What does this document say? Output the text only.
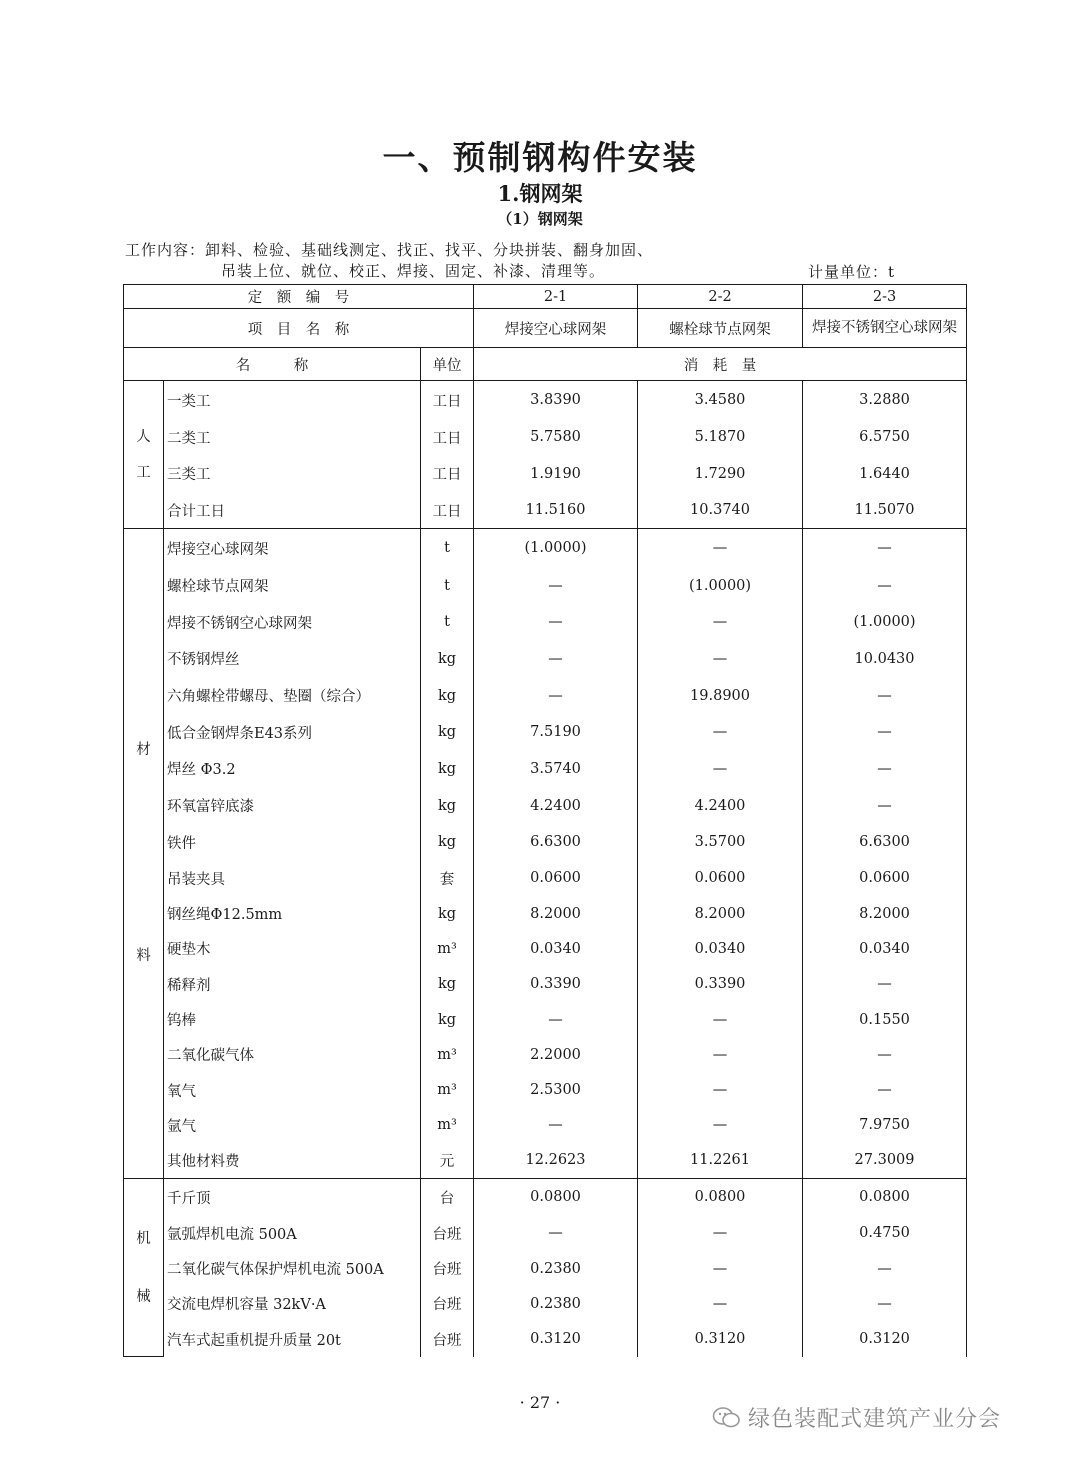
一、预制钢构件安装
1.钢网架
（1）钢网架
工作内容：卸料、检验、基础线测定、找正、找平、分块拼装、翻身加固、
吊装上位、就位、校正、焊接、固定、补漆、清理等。	计量单位：t
定　额　编　号			2-1	2-2	2-3
项　目　名　称			焊接空心球网架	螺栓球节点网架	焊接不锈钢空心球网架
名　　　称		单位	消　耗　量		

人
工	一类工	工日	3.8390	3.4580	3.2880
	二类工	工日	5.7580	5.1870	6.5750
	三类工	工日	1.9190	1.7290	1.6440
	合计工日	工日	11.5160	10.3740	11.5070

材
料	焊接空心球网架	t	(1.0000)	—	—
	螺栓球节点网架	t	—	(1.0000)	—
	焊接不锈钢空心球网架	t	—	—	(1.0000)
	不锈钢焊丝	kg	—	—	10.0430
	六角螺栓带螺母、垫圈（综合）	kg	—	19.8900	—
	低合金钢焊条E43系列	kg	7.5190	—	—
	焊丝 Φ3.2	kg	3.5740	—	—
	环氧富锌底漆	kg	4.2400	4.2400	—
	铁件	kg	6.6300	3.5700	6.6300
	吊装夹具	套	0.0600	0.0600	0.0600
	钢丝绳Φ12.5mm	kg	8.2000	8.2000	8.2000
	硬垫木	m³	0.0340	0.0340	0.0340
	稀释剂	kg	0.3390	0.3390	—
	钨棒	kg	—	—	0.1550
	二氧化碳气体	m³	2.2000	—	—
	氧气	m³	2.5300	—	—
	氩气	m³	—	—	7.9750
	其他材料费	元	12.2623	11.2261	27.3009

机
械	千斤顶	台	0.0800	0.0800	0.0800
	氩弧焊机电流 500A	台班	—	—	0.4750
	二氧化碳气体保护焊机电流 500A	台班	0.2380	—	—
	交流电焊机容量 32kV·A	台班	0.2380	—	—
	汽车式起重机提升质量 20t	台班	0.3120	0.3120	0.3120
· 27 ·
绿色装配式建筑产业分会
